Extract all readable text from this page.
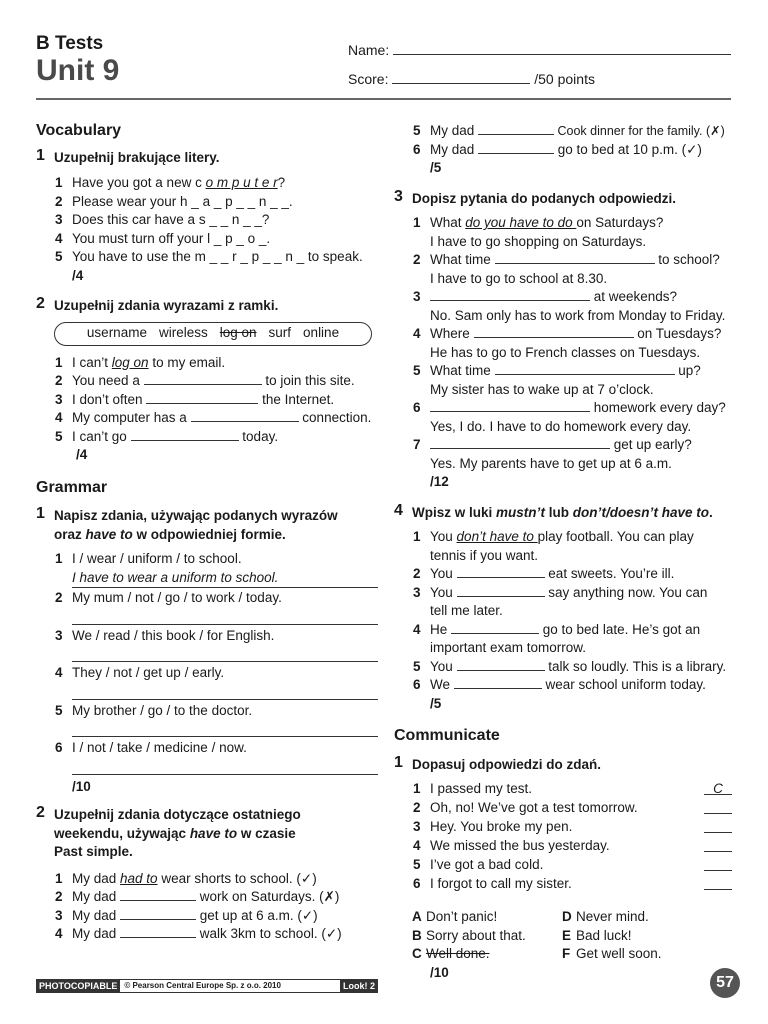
B Tests
Unit 9
Name:
Score:	/50 points

Vocabulary

1 Uzupełnij brakujące litery.
1 Have you got a new c o m p u t e r?
2 Please wear your h _ a _ p _ _ n _ _.
3 Does this car have a s _ _ n _ _?
4 You must turn off your l _ p _ o _.
5 You have to use the m _ _ r _ p _ _ n _ to speak.
/4
2 Uzupełnij zdania wyrazami z ramki.
username wireless log on surf online
1 I can’t log on to my email.
2 You need a	to join this site.
3 I don’t often	the Internet.
4 My computer has a	connection.
5 I can’t go	today.
/4

Grammar

1 Napisz zdania, używając podanych wyrazów
oraz have to w odpowiedniej formie.
1 I / wear / uniform / to school.
I have to wear a uniform to school.
2 My mum / not / go / to work / today.
3 We / read / this book / for English.
4 They / not / get up / early.
5 My brother / go / to the doctor.
6 I / not / take / medicine / now.
/10
2 Uzupełnij zdania dotyczące ostatniego
weekendu, używając have to w czasie
Past simple.
1 My dad had to wear shorts to school. (✓)
2 My dad	work on Saturdays. (✗)
3 My dad	get up at 6 a.m. (✓)
4 My dad	walk 3km to school. (✓)
5 My dad	Cook dinner for the family. (✗)
6 My dad	go to bed at 10 p.m. (✓)
/5
3 Dopisz pytania do podanych odpowiedzi.
1 What do you have to do on Saturdays?
I have to go shopping on Saturdays.
2 What time	to school?
I have to go to school at 8.30.
3	at weekends?
No. Sam only has to work from Monday to Friday.
4 Where	on Tuesdays?
He has to go to French classes on Tuesdays.
5 What time	up?
My sister has to wake up at 7 o’clock.
6	homework every day?
Yes, I do. I have to do homework every day.
7	get up early?
Yes. My parents have to get up at 6 a.m.
/12
4 Wpisz w luki mustn’t lub don’t/doesn’t have to.
1 You don’t have to play football. You can play
tennis if you want.
2 You	eat sweets. You’re ill.
3 You	say anything now. You can
tell me later.
4 He	go to bed late. He’s got an
important exam tomorrow.
5 You	talk so loudly. This is a library.
6 We	wear school uniform today.
/5

Communicate

1 Dopasuj odpowiedzi do zdań.
1 I passed my test.	C
2 Oh, no! We’ve got a test tomorrow.
3 Hey. You broke my pen.
4 We missed the bus yesterday.
5 I’ve got a bad cold.
6 I forgot to call my sister.
A Don’t panic!	D Never mind.
B Sorry about that.	E Bad luck!
C Well done.	F Get well soon.
/10
PHOTOCOPIABLE © Pearson Central Europe Sp. z o.o. 2010	Look! 2	57
